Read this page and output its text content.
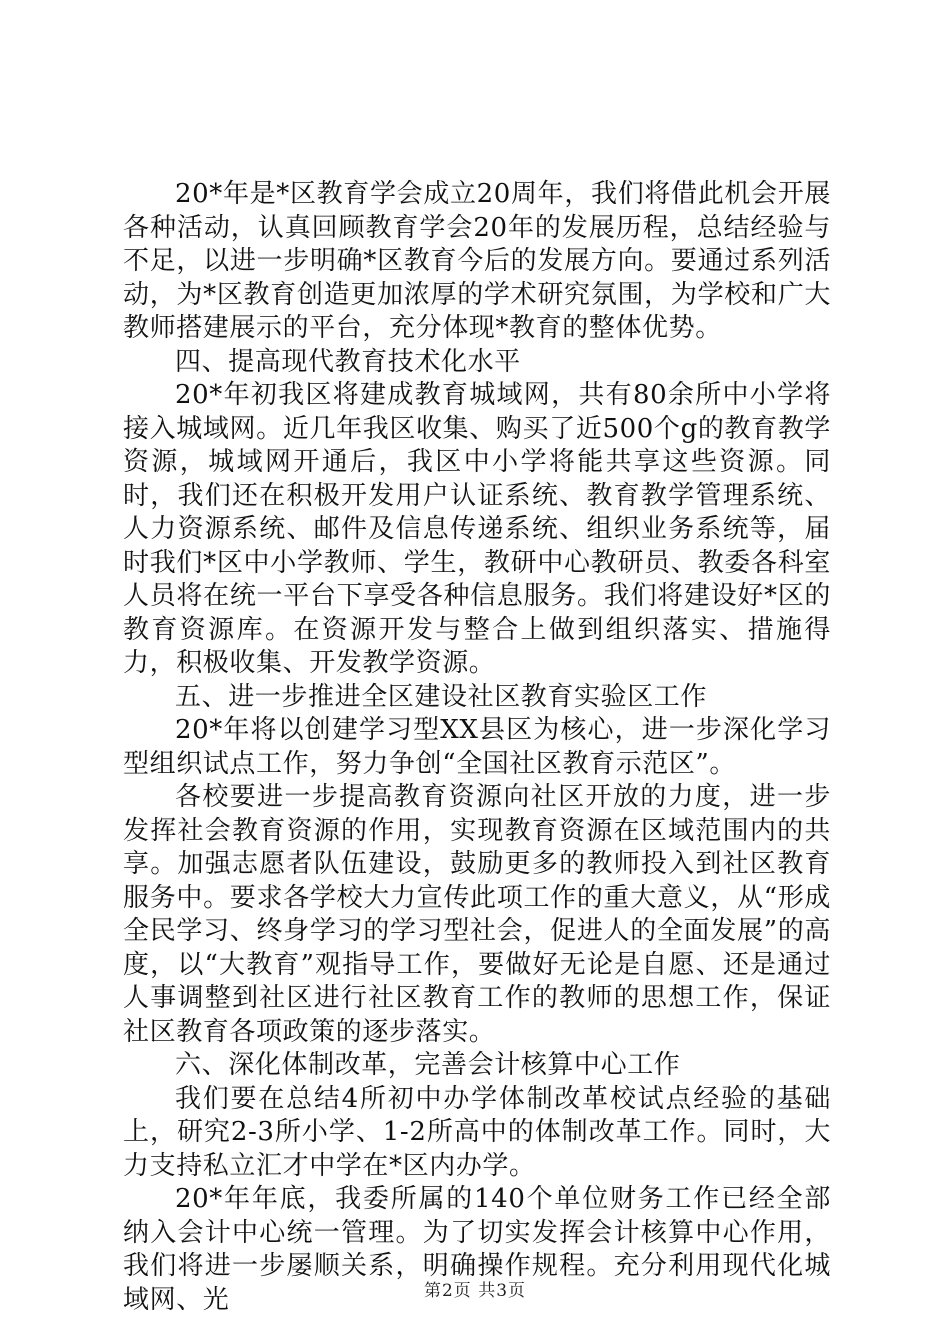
20*年是*区教育学会成立20周年，我们将借此机会开展各种活动，认真回顾教育学会20年的发展历程，总结经验与不足，以进一步明确*区教育今后的发展方向。要通过系列活动，为*区教育创造更加浓厚的学术研究氛围，为学校和广大教师搭建展示的平台，充分体现*教育的整体优势。

四、提高现代教育技术化水平

20*年初我区将建成教育城域网，共有80余所中小学将接入城域网。近几年我区收集、购买了近500个g的教育教学资源，城域网开通后，我区中小学将能共享这些资源。同时，我们还在积极开发用户认证系统、教育教学管理系统、人力资源系统、邮件及信息传递系统、组织业务系统等，届时我们*区中小学教师、学生，教研中心教研员、教委各科室人员将在统一平台下享受各种信息服务。我们将建设好*区的教育资源库。在资源开发与整合上做到组织落实、措施得力，积极收集、开发教学资源。

五、进一步推进全区建设社区教育实验区工作

20*年将以创建学习型XX县区为核心，进一步深化学习型组织试点工作，努力争创“全国社区教育示范区”。

各校要进一步提高教育资源向社区开放的力度，进一步发挥社会教育资源的作用，实现教育资源在区域范围内的共享。加强志愿者队伍建设，鼓励更多的教师投入到社区教育服务中。要求各学校大力宣传此项工作的重大意义，从“形成全民学习、终身学习的学习型社会，促进人的全面发展”的高度，以“大教育”观指导工作，要做好无论是自愿、还是通过人事调整到社区进行社区教育工作的教师的思想工作，保证社区教育各项政策的逐步落实。

六、深化体制改革，完善会计核算中心工作

我们要在总结4所初中办学体制改革校试点经验的基础上，研究2-3所小学、1-2所高中的体制改革工作。同时，大力支持私立汇才中学在*区内办学。

20*年年底，我委所属的140个单位财务工作已经全部纳入会计中心统一管理。为了切实发挥会计核算中心作用，我们将进一步屡顺关系，明确操作规程。充分利用现代化城域网、光	第2页 共3页
